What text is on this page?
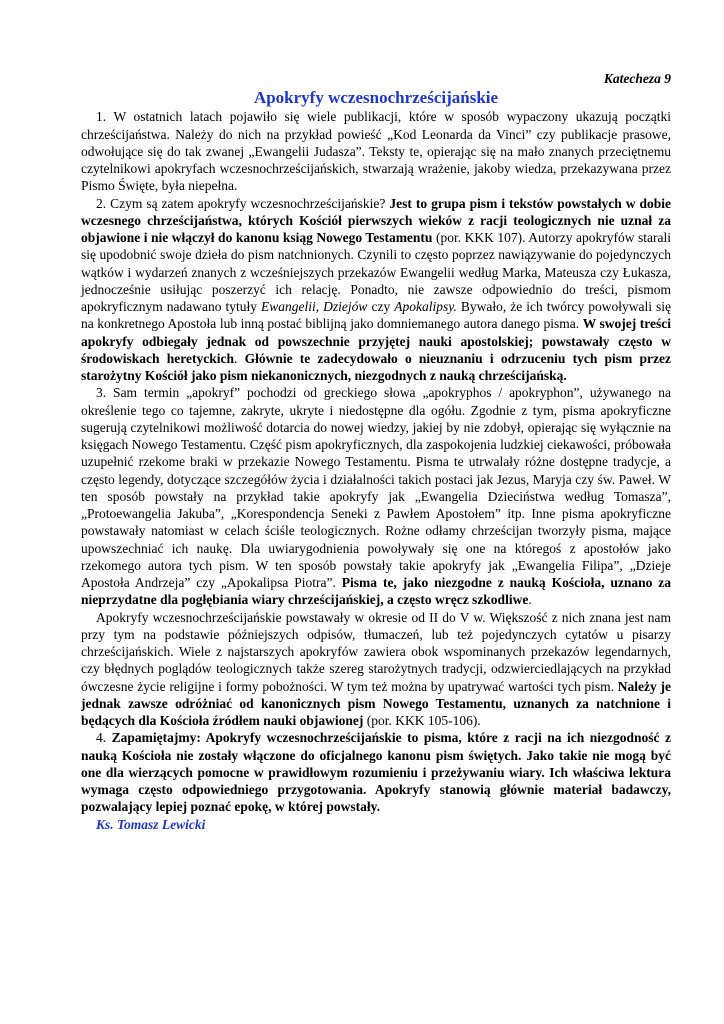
Katecheza 9

Apokryfy wczesnochrześcijańskie

1. W ostatnich latach pojawiło się wiele publikacji, które w sposób wypaczony ukazują początki chrześcijaństwa. Należy do nich na przykład powieść „Kod Leonarda da Vinci” czy publikacje prasowe, odwołujące się do tak zwanej „Ewangelii Judasza”. Teksty te, opierając się na mało znanych przeciętnemu czytelnikowi apokryfach wczesnochrześcijańskich, stwarzają wrażenie, jakoby wiedza, przekazywana przez Pismo Święte, była niepełna.

2. Czym są zatem apokryfy wczesnochrześcijańskie? Jest to grupa pism i tekstów powstałych w dobie wczesnego chrześcijaństwa, których Kościół pierwszych wieków z racji teologicznych nie uznał za objawione i nie włączył do kanonu ksiąg Nowego Testamentu (por. KKK 107). Autorzy apokryfów starali się upodobnić swoje dzieła do pism natchnionych. Czynili to często poprzez nawiązywanie do pojedynczych wątków i wydarzeń znanych z wcześniejszych przekazów Ewangelii według Marka, Mateusza czy Łukasza, jednocześnie usiłując poszerzyć ich relację. Ponadto, nie zawsze odpowiednio do treści, pismom apokryficznym nadawano tytuły Ewangelii, Dziejów czy Apokalipsy. Bywało, że ich twórcy powoływali się na konkretnego Apostoła lub inną postać biblijną jako domniemanego autora danego pisma. W swojej treści apokryfy odbiegały jednak od powszechnie przyjętej nauki apostolskiej; powstawały często w środowiskach heretyckich. Głównie te zadecydowało o nieuznaniu i odrzuceniu tych pism przez starożytny Kościół jako pism niekanonicznych, niezgodnych z nauką chrześcijańską.

3. Sam termin „apokryf” pochodzi od greckiego słowa „apokryphos / apokryphon”, używanego na określenie tego co tajemne, zakryte, ukryte i niedostępne dla ogółu. Zgodnie z tym, pisma apokryficzne sugerują czytelnikowi możliwość dotarcia do nowej wiedzy, jakiej by nie zdobył, opierając się wyłącznie na księgach Nowego Testamentu. Część pism apokryficznych, dla zaspokojenia ludzkiej ciekawości, próbowała uzupełnić rzekome braki w przekazie Nowego Testamentu. Pisma te utrwalały różne dostępne tradycje, a często legendy, dotyczące szczegółów życia i działalności takich postaci jak Jezus, Maryja czy św. Paweł. W ten sposób powstały na przykład takie apokryfy jak „Ewangelia Dzieciństwa według Tomasza”, „Protoewangelia Jakuba”, „Korespondencja Seneki z Pawłem Apostołem” itp. Inne pisma apokryficzne powstawały natomiast w celach ściśle teologicznych. Rożne odłamy chrześcijan tworzyły pisma, mające upowszechniać ich naukę. Dla uwiarygodnienia powoływały się one na któregoś z apostołów jako rzekomego autora tych pism. W ten sposób powstały takie apokryfy jak „Ewangelia Filipa”, „Dzieje Apostoła Andrzeja” czy „Apokalipsa Piotra”. Pisma te, jako niezgodne z nauką Kościoła, uznano za nieprzydatne dla pogłębiania wiary chrześcijańskiej, a często wręcz szkodliwe.

Apokryfy wczesnochrześcijańskie powstawały w okresie od II do V w. Większość z nich znana jest nam przy tym na podstawie późniejszych odpisów, tłumaczeń, lub też pojedynczych cytatów u pisarzy chrześcijańskich. Wiele z najstarszych apokryfów zawiera obok wspominanych przekazów legendarnych, czy błędnych poglądów teologicznych także szereg starożytnych tradycji, odzwierciedlających na przykład ówczesne życie religijne i formy pobożności. W tym też można by upatrywać wartości tych pism. Należy je jednak zawsze odróżniać od kanonicznych pism Nowego Testamentu, uznanych za natchnione i będących dla Kościoła źródłem nauki objawionej (por. KKK 105-106).

4. Zapamiętajmy: Apokryfy wczesnochrześcijańskie to pisma, które z racji na ich niezgodność z nauką Kościoła nie zostały włączone do oficjalnego kanonu pism świętych. Jako takie nie mogą być one dla wierzących pomocne w prawidłowym rozumieniu i przeżywaniu wiary. Ich właściwa lektura wymaga często odpowiedniego przygotowania. Apokryfy stanowią głównie materiał badawczy, pozwalający lepiej poznać epokę, w której powstały.

Ks. Tomasz Lewicki
